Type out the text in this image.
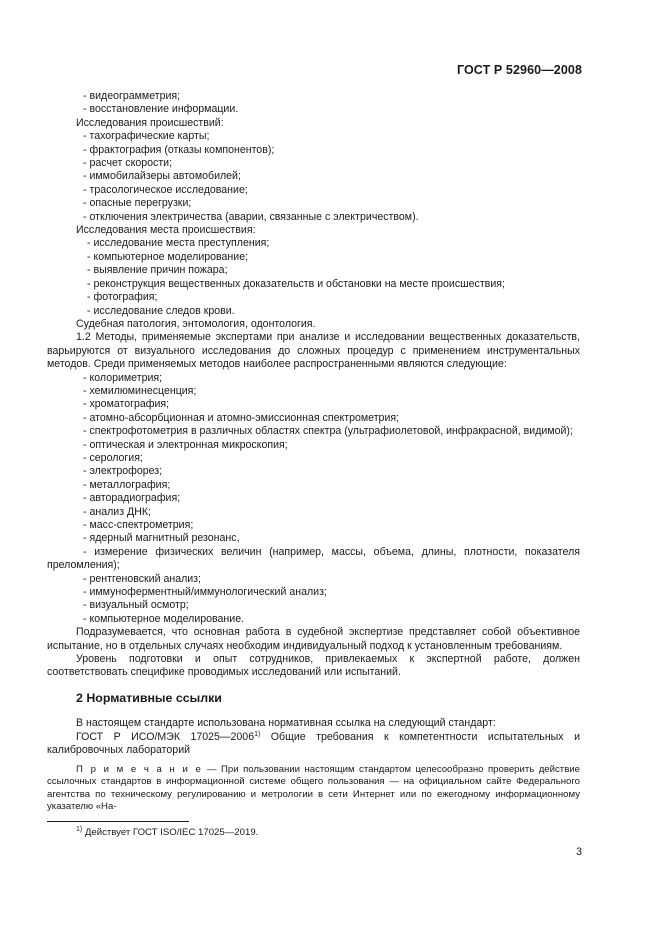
ГОСТ Р 52960—2008
- видеограмметрия;
- восстановление информации.
Исследования происшествий:
- тахографические карты;
- фрактография (отказы компонентов);
- расчет скорости;
- иммобилайзеры автомобилей;
- трасологическое исследование;
- опасные перегрузки;
- отключения электричества (аварии, связанные с электричеством).
Исследования места происшествия:
- исследование места преступления;
- компьютерное моделирование;
- выявление причин пожара;
- реконструкция вещественных доказательств и обстановки на месте происшествия;
- фотография;
- исследование следов крови.
Судебная патология, энтомология, одонтология.
1.2 Методы, применяемые экспертами при анализе и исследовании вещественных доказательств, варьируются от визуального исследования до сложных процедур с применением инструментальных методов. Среди применяемых методов наиболее распространенными являются следующие:
- колориметрия;
- хемилюминесценция;
- хроматография;
- атомно-абсорбционная и атомно-эмиссионная спектрометрия;
- спектрофотометрия в различных областях спектра (ультрафиолетовой, инфракрасной, видимой);
- оптическая и электронная микроскопия;
- серология;
- электрофорез;
- металлография;
- авторадиография;
- анализ ДНК;
- масс-спектрометрия;
- ядерный магнитный резонанс,
- измерение физических величин (например, массы, объема, длины, плотности, показателя преломления);
- рентгеновский анализ;
- иммуноферментный/иммунологический анализ;
- визуальный осмотр;
- компьютерное моделирование.
Подразумевается, что основная работа в судебной экспертизе представляет собой объективное испытание, но в отдельных случаях необходим индивидуальный подход к установленным требованиям.
Уровень подготовки и опыт сотрудников, привлекаемых к экспертной работе, должен соответствовать специфике проводимых исследований или испытаний.
2 Нормативные ссылки
В настоящем стандарте использована нормативная ссылка на следующий стандарт:
ГОСТ Р ИСО/МЭК 17025—2006$^{1)}$ Общие требования к компетентности испытательных и калибровочных лабораторий
П р и м е ч а н и е — При пользовании настоящим стандартом целесообразно проверить действие ссылочных стандартов в информационной системе общего пользования — на официальном сайте Федерального агентства по техническому регулированию и метрологии в сети Интернет или по ежегодному информационному указателю «На-
$^{1)}$ Действует ГОСТ ISO/IEC 17025—2019.
3
